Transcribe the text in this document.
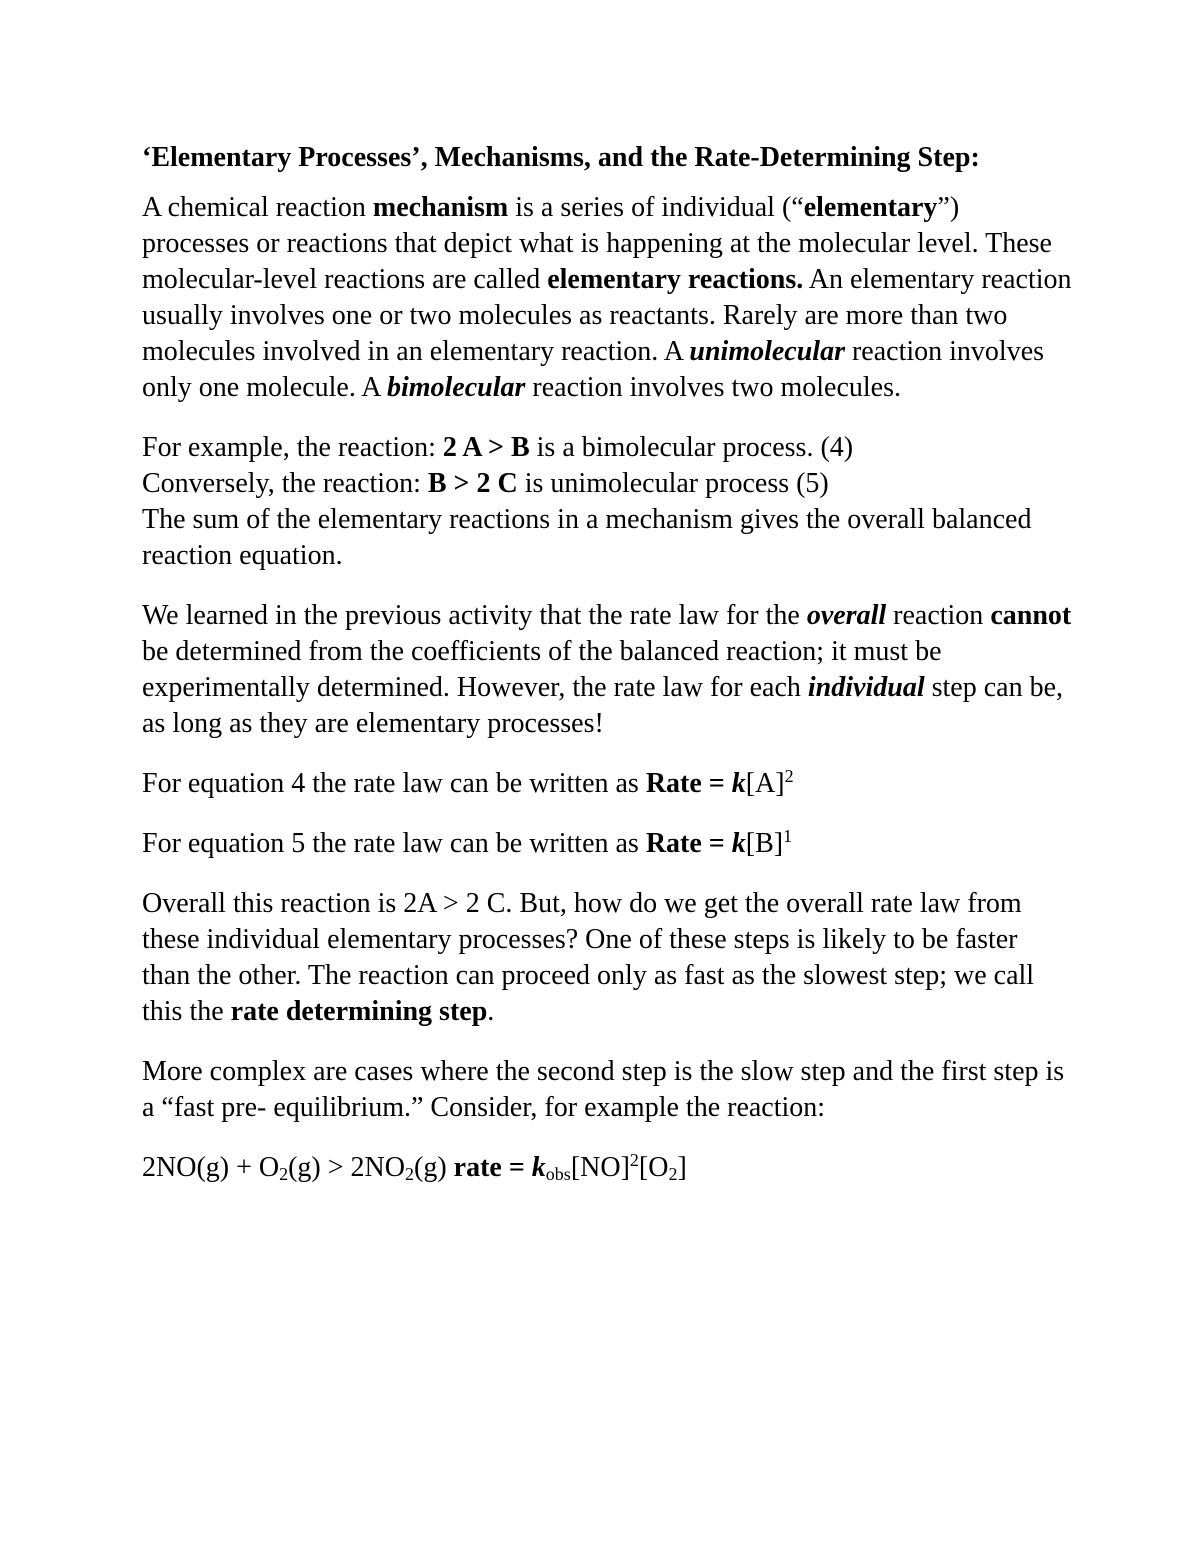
‘Elementary Processes’, Mechanisms, and the Rate-Determining Step:

A chemical reaction mechanism is a series of individual (“elementary”) processes or reactions that depict what is happening at the molecular level. These molecular-level reactions are called elementary reactions. An elementary reaction usually involves one or two molecules as reactants. Rarely are more than two molecules involved in an elementary reaction. A unimolecular reaction involves only one molecule. A bimolecular reaction involves two molecules.

For example, the reaction: 2 A > B is a bimolecular process. (4)
Conversely, the reaction: B > 2 C is unimolecular process (5)
The sum of the elementary reactions in a mechanism gives the overall balanced reaction equation.

We learned in the previous activity that the rate law for the overall reaction cannot be determined from the coefficients of the balanced reaction; it must be experimentally determined. However, the rate law for each individual step can be, as long as they are elementary processes!

For equation 4 the rate law can be written as Rate = $k[A]^2$

For equation 5 the rate law can be written as Rate = $k[B]^1$

Overall this reaction is 2A > 2 C. But, how do we get the overall rate law from these individual elementary processes? One of these steps is likely to be faster than the other. The reaction can proceed only as fast as the slowest step; we call this the rate determining step.

More complex are cases where the second step is the slow step and the first step is a “fast pre- equilibrium.” Consider, for example the reaction:

$2NO(g) + O_2(g) > 2NO_2(g)$ rate = $kobs[NO]^2[O_2]$
